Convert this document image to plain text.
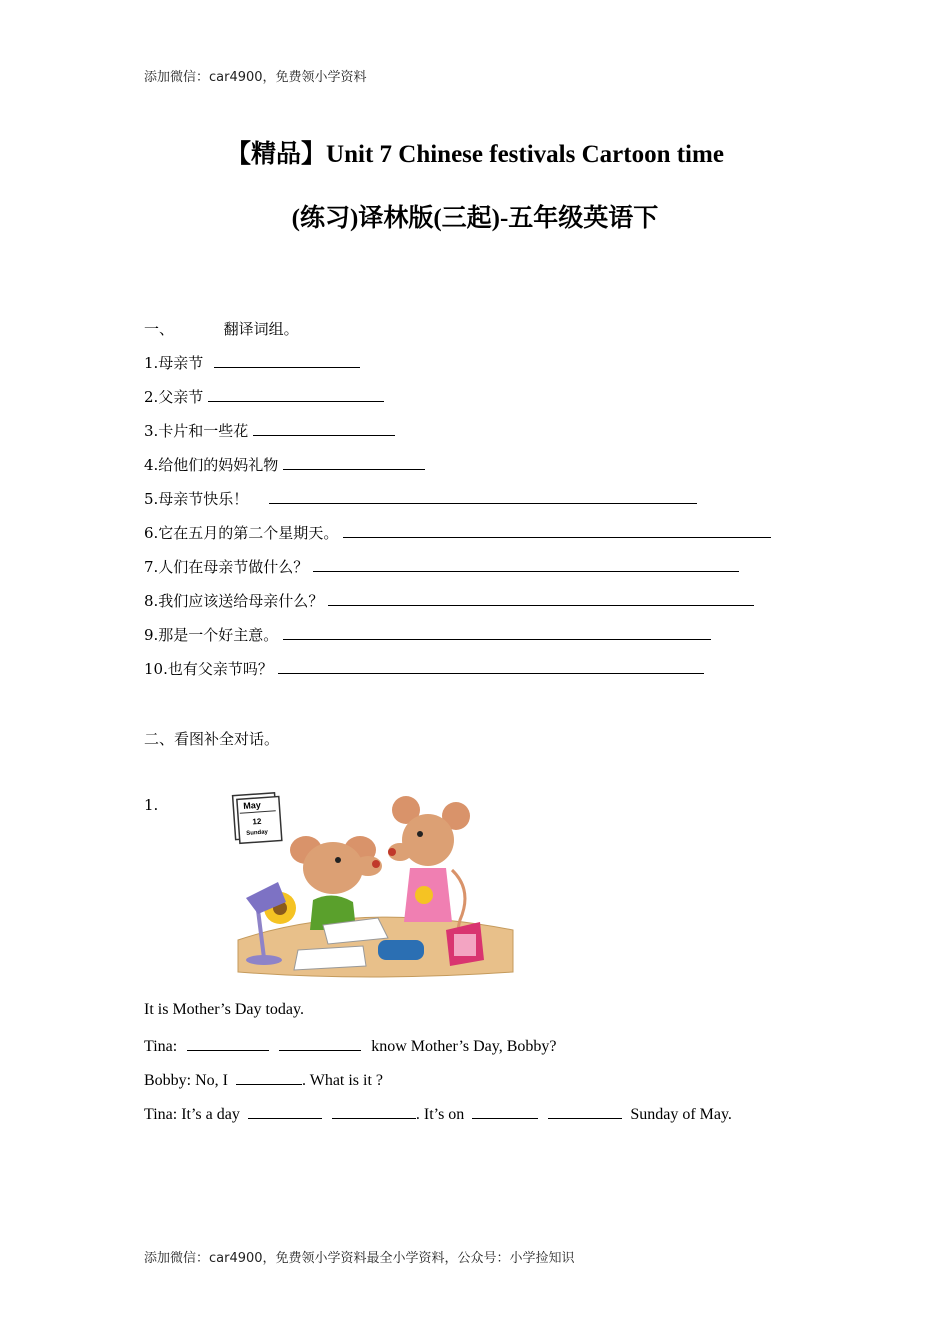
添加微信：car4900，免费领小学资料
【精品】Unit 7 Chinese festivals Cartoon time
(练习)译林版(三起)-五年级英语下
一、	翻译词组。
1.母亲节
2.父亲节
3.卡片和一些花
4.给他们的妈妈礼物
5.母亲节快乐！
6.它在五月的第二个星期天。
7.人们在母亲节做什么？
8.我们应该送给母亲什么？
9.那是一个好主意。
10.也有父亲节吗？
二、看图补全对话。
1.	May
12
Sunday
It is Mother’s Day today.
Tina:	know Mother’s Day, Bobby?
Bobby: No, I	. What is it ?
Tina: It’s a day	. It’s on	Sunday of May.
添加微信：car4900，免费领小学资料最全小学资料，公众号：小学捡知识
